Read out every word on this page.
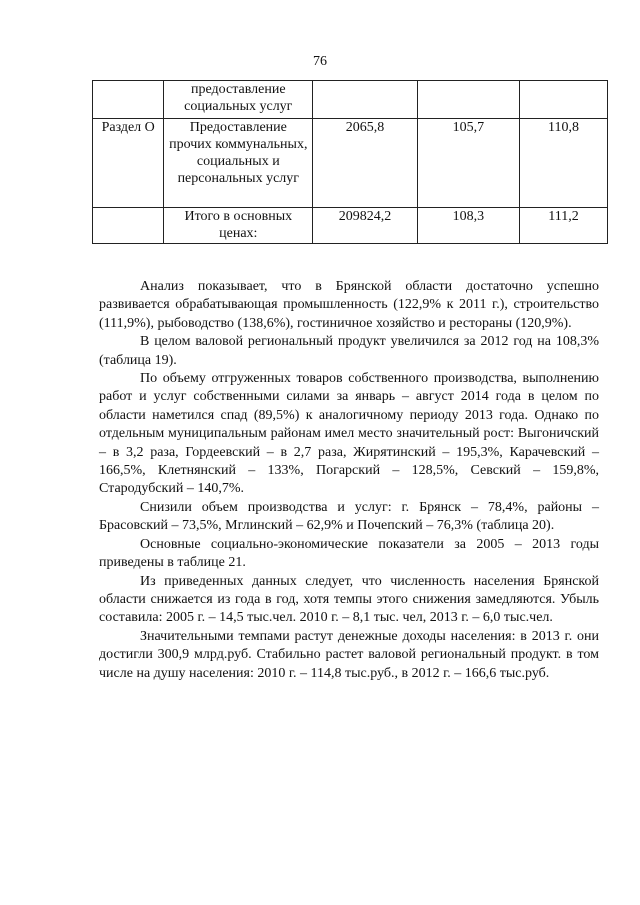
76
	предоставление социальных услуг			
Раздел O	Предоставление прочих коммунальных, социальных и персональных услуг	2065,8	105,7	110,8
	Итого в основных ценах:	209824,2	108,3	111,2

Анализ показывает, что в Брянской области достаточно успешно развивается обрабатывающая промышленность (122,9% к 2011 г.), строительство (111,9%), рыбоводство (138,6%), гостиничное хозяйство и рестораны (120,9%).

В целом валовой региональный продукт увеличился за 2012 год на 108,3% (таблица 19).

По объему отгруженных товаров собственного производства, выполнению работ и услуг собственными силами за январь – август 2014 года в целом по области наметился спад (89,5%) к аналогичному периоду 2013 года. Однако по отдельным муниципальным районам имел место значительный рост: Выгоничский – в 3,2 раза, Гордеевский – в 2,7 раза, Жирятинский – 195,3%, Карачевский – 166,5%, Клетнянский – 133%, Погарский – 128,5%, Севский – 159,8%, Стародубский – 140,7%.

Снизили объем производства и услуг: г. Брянск – 78,4%, районы – Брасовский – 73,5%, Мглинский – 62,9% и Почепский – 76,3% (таблица 20).

Основные социально-экономические показатели за 2005 – 2013 годы приведены в таблице 21.

Из приведенных данных следует, что численность населения Брянской области снижается из года в год, хотя темпы этого снижения замедляются. Убыль составила: 2005 г. – 14,5 тыс.чел. 2010 г. – 8,1 тыс. чел, 2013 г. – 6,0 тыс.чел.

Значительными темпами растут денежные доходы населения: в 2013 г. они достигли 300,9 млрд.руб. Стабильно растет валовой региональный продукт. в том числе на душу населения: 2010 г. – 114,8 тыс.руб., в 2012 г. – 166,6 тыс.руб.
